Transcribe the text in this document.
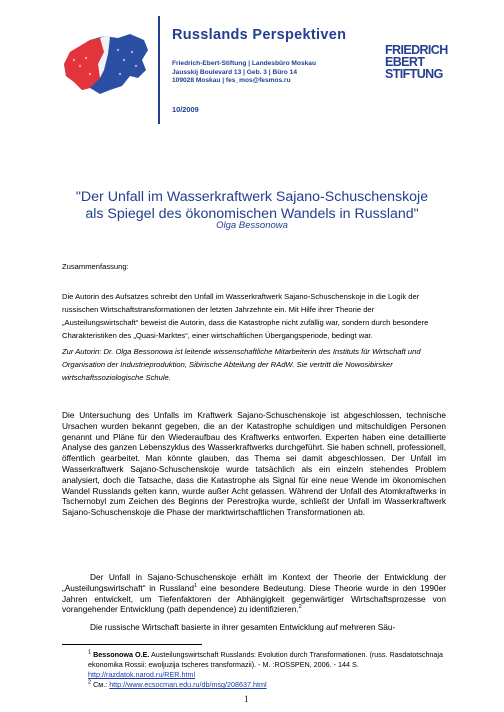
Russlands Perspektiven
Friedrich-Ebert-Stiftung | Landesbüro Moskau
Jausskij Boulevard 13 | Geb. 3 | Büro 14
109028 Moskau | fes_mos@fesmos.ru
10/2009
FRIEDRICH
EBERT
STIFTUNG
"Der Unfall im Wasserkraftwerk Sajano-Schuschenskoje
als Spiegel des ökonomischen Wandels in Russland"
Olga Bessonowa
Zusammenfassung:
Die Autorin des Aufsatzes schreibt den Unfall im Wasserkraftwerk Sajano-Schuschenskoje in die Logik der russischen Wirtschaftstransformationen der letzten Jahrzehnte ein. Mit Hilfe ihrer Theorie der „Austeilungswirtschaft“ beweist die Autorin, dass die Katastrophe nicht zufällig war, sondern durch besondere Charakteristiken des „Quasi-Marktes“, einer wirtschaftlichen Übergangsperiode, bedingt war.
Zur Autorin: Dr. Olga Bessonowa ist leitende wissenschaftliche Mitarbeiterin des Instituts für Wirtschaft und Organisation der Industrieproduktion, Sibirische Abteilung der RAdW. Sie vertritt die Nowosibirsker wirtschaftssoziologische Schule.
Die Untersuchung des Unfalls im Kraftwerk Sajano-Schuschenskoje ist abgeschlossen, technische Ursachen wurden bekannt gegeben, die an der Katastrophe schuldigen und mitschuldigen Personen genannt und Pläne für den Wiederaufbau des Kraftwerks entworfen. Experten haben eine detaillierte Analyse des ganzen Lebenszyklus des Wasserkraftwerks durchgeführt. Sie haben schnell, professionell, öffentlich gearbeitet. Man könnte glauben, das Thema sei damit abgeschlossen. Der Unfall im Wasserkraftwerk Sajano-Schuschenskoje wurde tatsächlich als ein einzeln stehendes Problem analysiert, doch die Tatsache, dass die Katastrophe als Signal für eine neue Wende im ökonomischen Wandel Russlands gelten kann, wurde außer Acht gelassen. Während der Unfall des Atomkraftwerks in Tschernobyl zum Zeichen des Beginns der Perestrojka wurde, schließt der Unfall im Wasserkraftwerk Sajano-Schuschenskoje die Phase der marktwirtschaftlichen Transformationen ab.
Der Unfall in Sajano-Schuschenskoje erhält im Kontext der Theorie der Entwicklung der „Austeilungswirtschaft“ in Russland$^1$ eine besondere Bedeutung. Diese Theorie wurde in den 1990er Jahren entwickelt, um Tiefenfaktoren der Abhängigkeit gegenwärtiger Wirtschaftsprozesse von vorangehender Entwicklung (path dependence) zu identifizieren.$^2$
Die russische Wirtschaft basierte in ihrer gesamten Entwicklung auf mehreren Säu-
$^1$ Bessonowa O.E. Austeilungswirtschaft Russlands: Evolution durch Transformationen. (russ. Rasdatotschnaja ekonomika Rossii: ewoljuzija tscheres transformazii). - M. :ROSSPEN, 2006. - 144 S. http://razdatok.narod.ru/RER.html
$^2$ См.: http://www.ecsocman.edu.ru/db/msg/208637.html
1
